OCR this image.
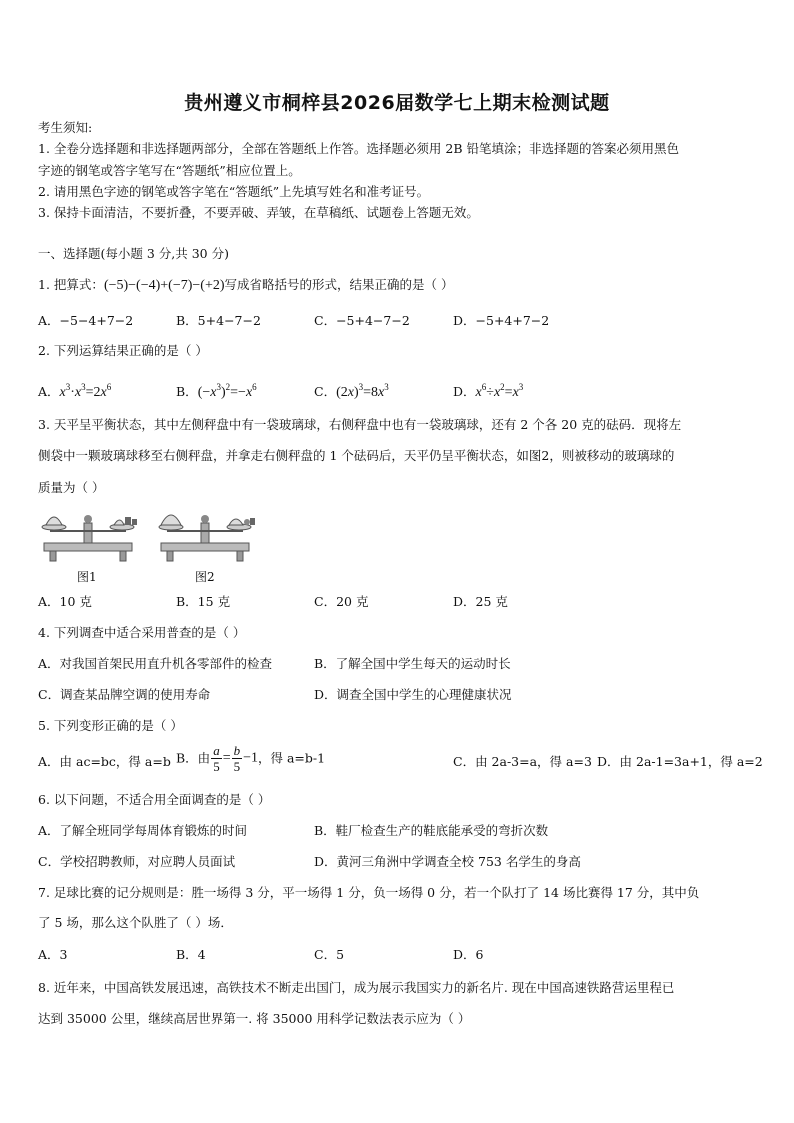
贵州遵义市桐梓县2026届数学七上期末检测试题
考生须知:
1. 全卷分选择题和非选择题两部分，全部在答题纸上作答。选择题必须用 2B 铅笔填涂；非选择题的答案必须用黑色
字迹的钢笔或答字笔写在“答题纸”相应位置上。
2. 请用黑色字迹的钢笔或答字笔在“答题纸”上先填写姓名和准考证号。
3. 保持卡面清洁，不要折叠，不要弄破、弄皱，在草稿纸、试题卷上答题无效。
一、选择题(每小题 3 分,共 30 分)
1. 把算式：(−5)−(−4)+(−7)−(+2)写成省略括号的形式，结果正确的是（ ）
A．−5−4+7−2	B．5+4−7−2	C．−5+4−7−2	D．−5+4+7−2
2. 下列运算结果正确的是（ ）
A．$x^3\cdot x^3=2x^6$	B．$(-x^3)^2=-x^6$	C．$(2x)^3=8x^3$	D．$x^6\div x^2=x^3$
3. 天平呈平衡状态，其中左侧秤盘中有一袋玻璃球，右侧秤盘中也有一袋玻璃球，还有 2 个各 20 克的砝码．现将左
侧袋中一颗玻璃球移至右侧秤盘，并拿走右侧秤盘的 1 个砝码后，天平仍呈平衡状态，如图2，则被移动的玻璃球的
质量为（ ）
图1	图2
A．10 克	B．15 克	C．20 克	D．25 克
4. 下列调查中适合采用普查的是（ ）
A．对我国首架民用直升机各零部件的检查	B．了解全国中学生每天的运动时长
C．调查某品牌空调的使用寿命	D．调查全国中学生的心理健康状况
5. 下列变形正确的是（ ）
A．由 ac=bc，得 a=b B．由 $\frac{a}{5} = \frac{b}{5} -1$，得 a=b-1	C．由 2a-3=a，得 a=3 D．由 2a-1=3a+1，得 a=2
6. 以下问题，不适合用全面调查的是（ ）
A．了解全班同学每周体育锻炼的时间	B．鞋厂检查生产的鞋底能承受的弯折次数
C．学校招聘教师，对应聘人员面试	D．黄河三角洲中学调查全校 753 名学生的身高
7. 足球比赛的记分规则是：胜一场得 3 分，平一场得 1 分，负一场得 0 分，若一个队打了 14 场比赛得 17 分，其中负
了 5 场，那么这个队胜了（ ）场．
A．3	B．4	C．5	D．6
8. 近年来，中国高铁发展迅速，高铁技术不断走出国门，成为展示我国实力的新名片. 现在中国高速铁路营运里程已
达到 35000 公里，继续高居世界第一. 将 35000 用科学记数法表示应为（ ）
